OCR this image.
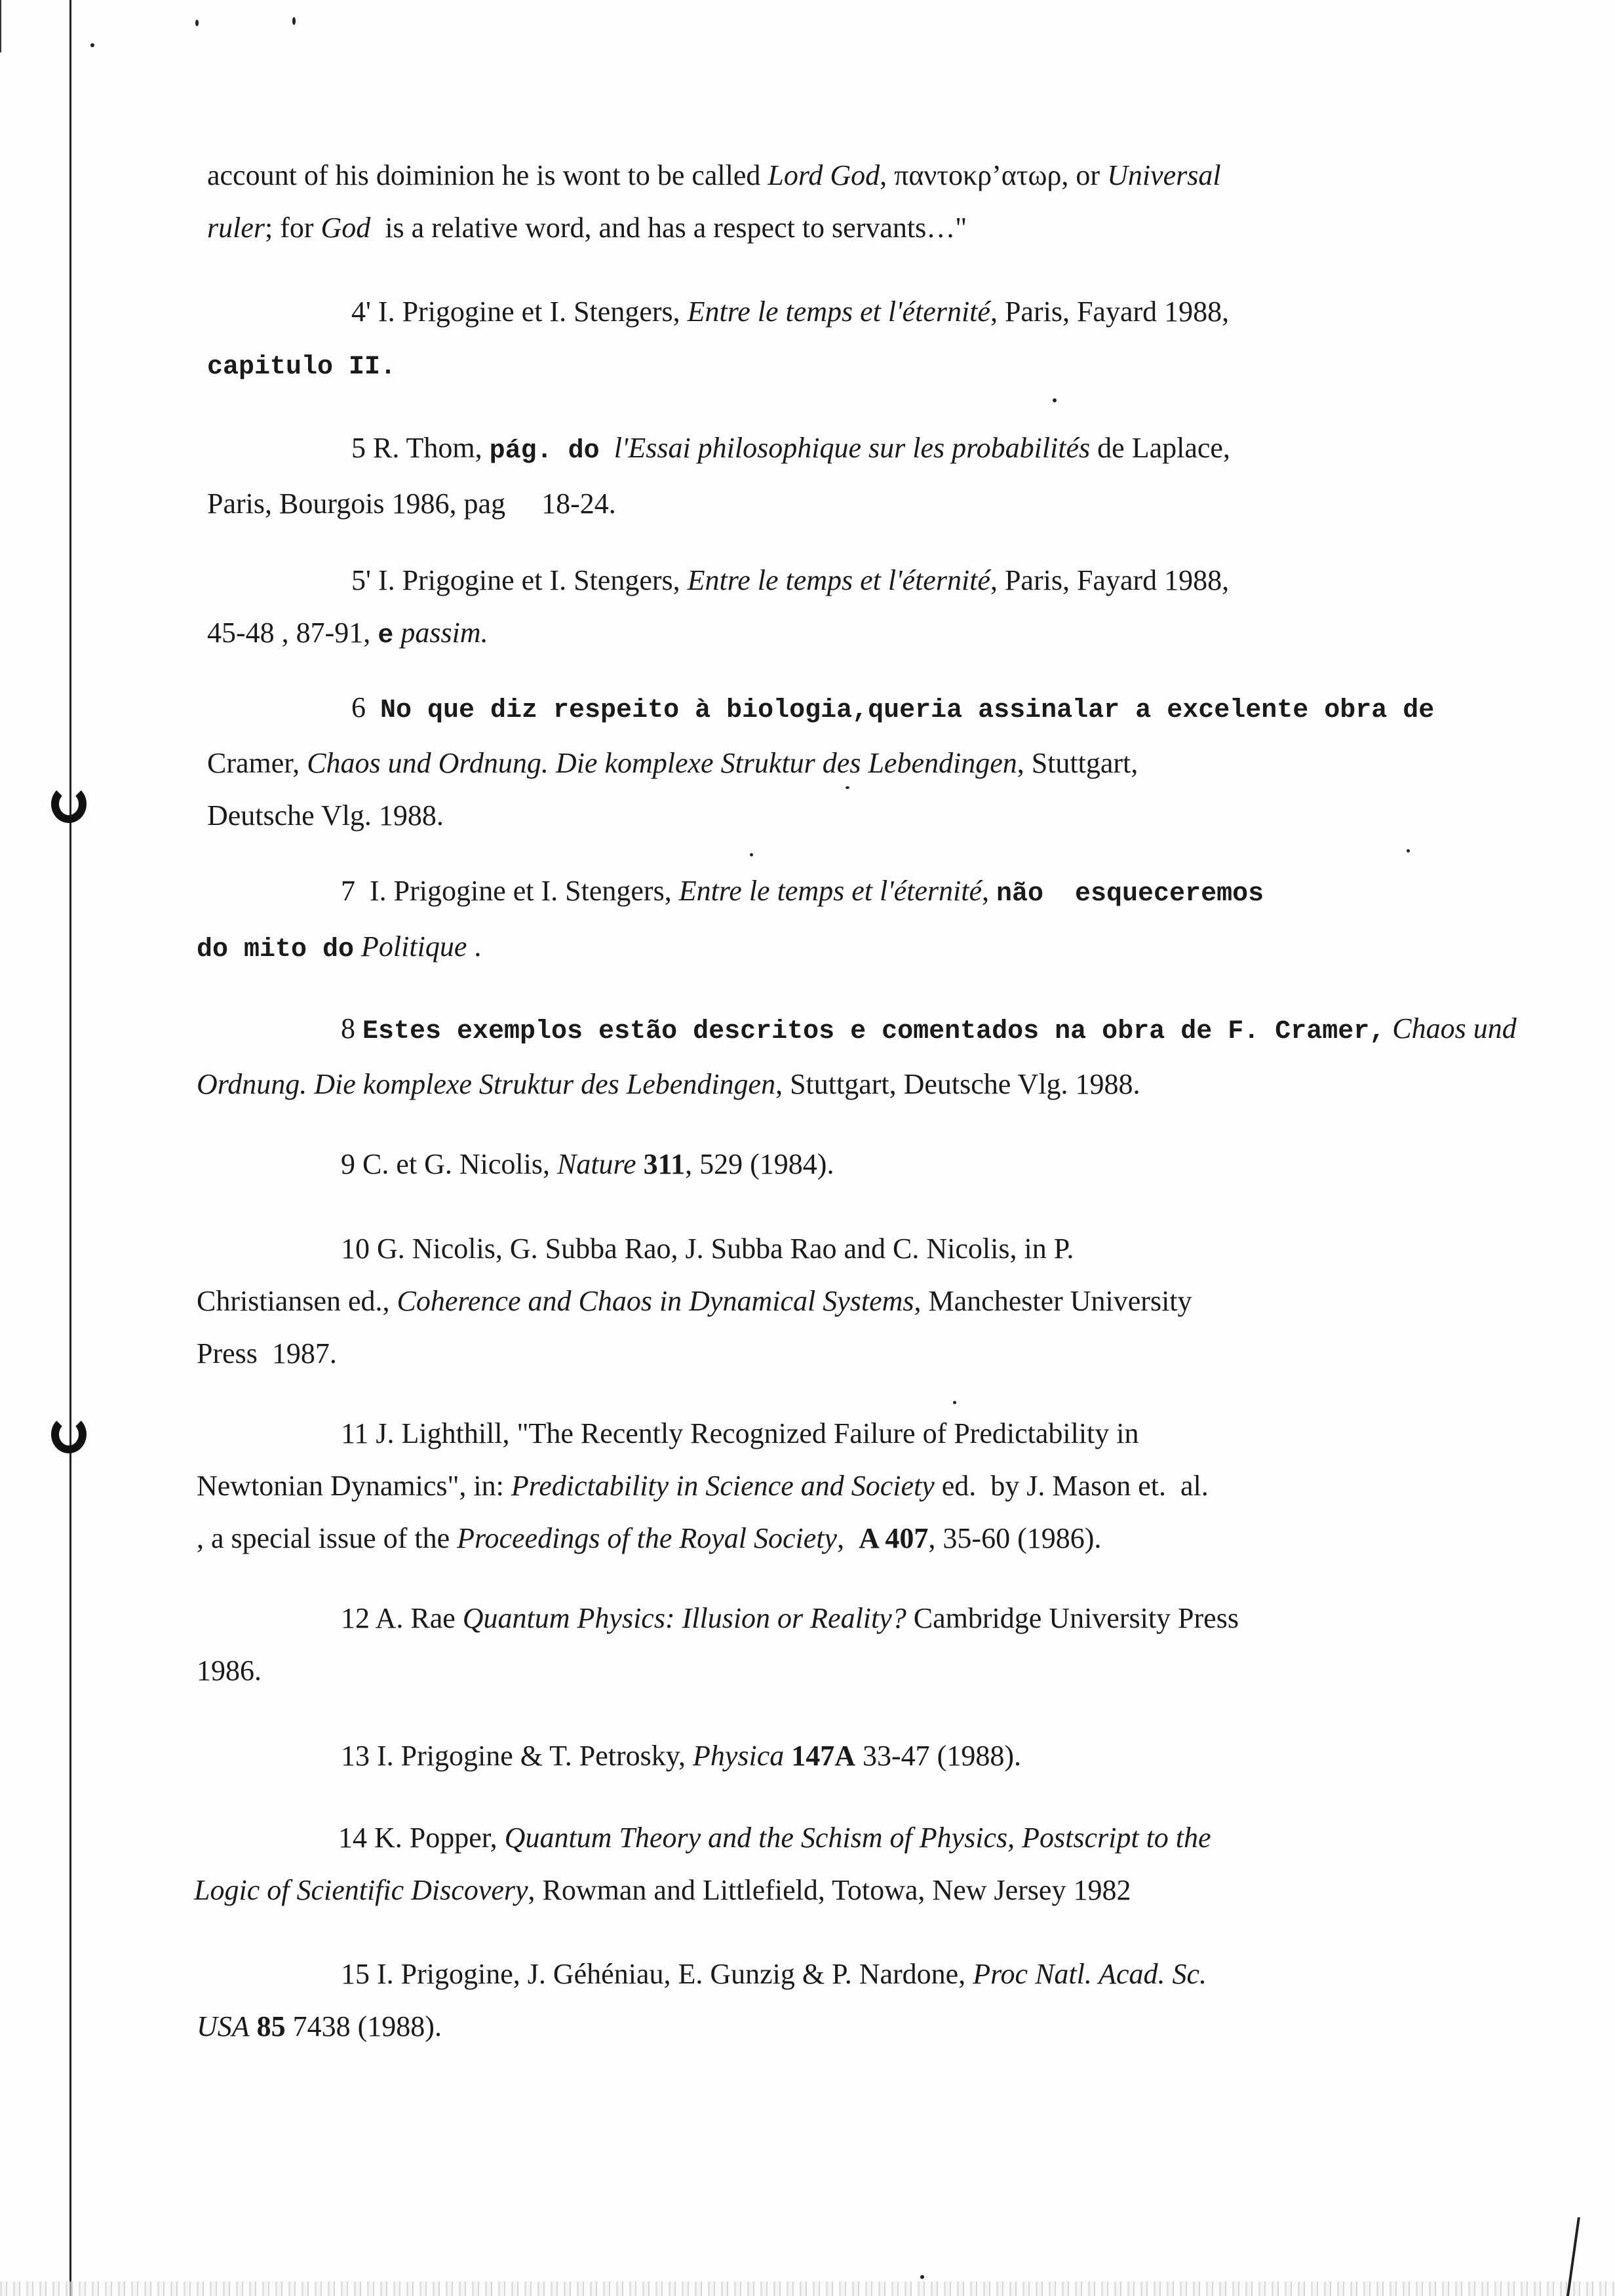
account of his doiminion he is wont to be called Lord God, παντοκρ’ατωρ, or Universal
ruler; for God  is a relative word, and has a respect to servants…"

4' I. Prigogine et I. Stengers, Entre le temps et l'éternité, Paris, Fayard 1988,
capitulo II.

5 R. Thom, pág. do l'Essai philosophique sur les probabilités de Laplace,
Paris, Bourgois 1986, pag     18-24.

5' I. Prigogine et I. Stengers, Entre le temps et l'éternité, Paris, Fayard 1988,
45-48 , 87-91, e passim.

6  No que diz respeito à biologia,queria assinalar a excelente obra de
Cramer, Chaos und Ordnung. Die komplexe Struktur des Lebendingen, Stuttgart,
Deutsche Vlg. 1988.

7  I. Prigogine et I. Stengers, Entre le temps et l'éternité, não  esqueceremos
do mito do Politique .

8 Estes exemplos estão descritos e comentados na obra de F. Cramer, Chaos und
Ordnung. Die komplexe Struktur des Lebendingen, Stuttgart, Deutsche Vlg. 1988.

9 C. et G. Nicolis, Nature 311, 529 (1984).

10 G. Nicolis, G. Subba Rao, J. Subba Rao and C. Nicolis, in P.
Christiansen ed., Coherence and Chaos in Dynamical Systems, Manchester University
Press  1987.

11 J. Lighthill, "The Recently Recognized Failure of Predictability in
Newtonian Dynamics", in: Predictability in Science and Society ed.  by J. Mason et.  al.
, a special issue of the Proceedings of the Royal Society,  A 407, 35-60 (1986).

12 A. Rae Quantum Physics: Illusion or Reality? Cambridge University Press
1986.

13 I. Prigogine & T. Petrosky, Physica 147A 33-47 (1988).

14 K. Popper, Quantum Theory and the Schism of Physics, Postscript to the
Logic of Scientific Discovery, Rowman and Littlefield, Totowa, New Jersey 1982

15 I. Prigogine, J. Géhéniau, E. Gunzig & P. Nardone, Proc Natl. Acad. Sc.
USA 85 7438 (1988).
